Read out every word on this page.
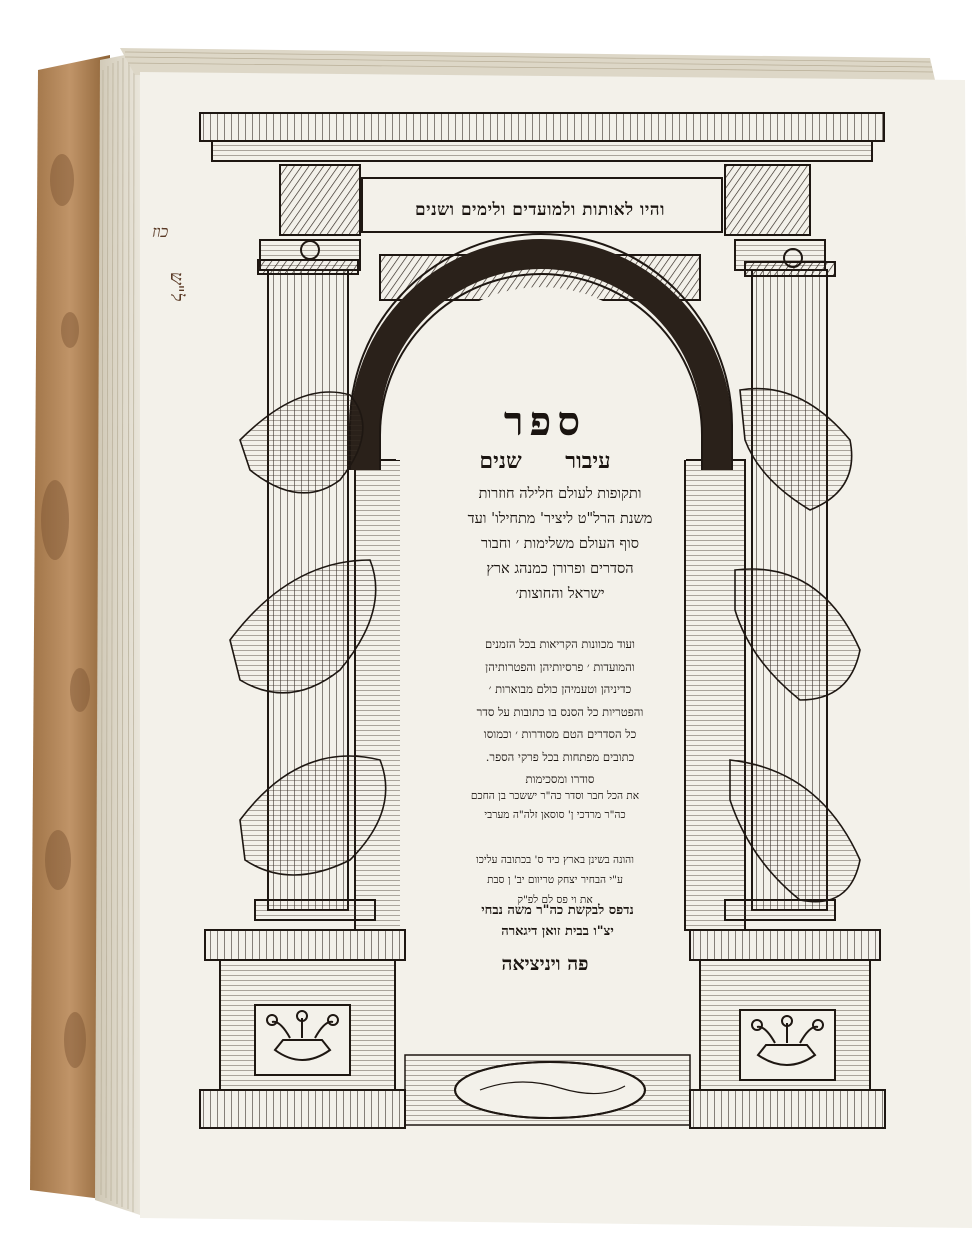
והיו לאותות ולמועדים ולימים ושנים
ספר
עיבור שנים
ותקופות לעולם חלילה חוזרות
משנת הרל"ט ליציר' מתחילו' ועד
סוף העולם משלימות ׳ וחבור
הסדרים ופרורן כמנהג ארץ
ישראל והחוצות׳
ועוד מכוונות הקריאות בכל הזמנים
והמועדות ׳ פרסיותיהן והפטרותיהן
כדיניהן וטעמיהן כולם מבוארות ׳
והפטריות כל הסנס בו כתובות על סדר
כל הסדרים הטם מסודרות ׳ וכמוסו
כתובים מפתחות בכל פרקי הספר.
סודרו ומסכימות
את הכל חבר וסדר כה"ר יששכר בן החכם
כה"ר מרדכי ן' סוסאן זלה"ה מערבי
והונה בשינן בארץ כיד ס' בכתובה עליכו
ע"י הבחיר יצחק טריוום יב' ן סבת
את וי פס לם לפ"ק
נדפס לבקשת כה"ר משה נבחי
יצ"ו בבית זואן דיגארה
פה ויניציאה
כוז
ל"ש
